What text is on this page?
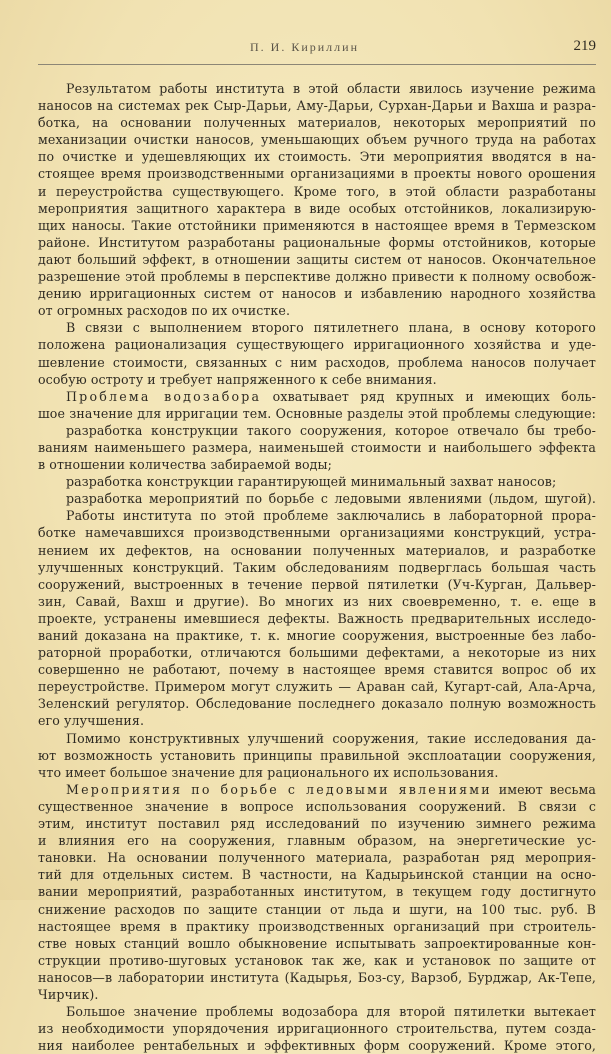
П. И. Кириллин	219
Результатом работы института в этой области явилось изучение режима
наносов на системах рек Сыр-Дарьи, Аму-Дарьи, Сурхан-Дарьи и Вахша и разра-
ботка, на основании полученных материалов, некоторых мероприятий по
механизации очистки наносов, уменьшающих объем ручного труда на работах
по очистке и удешевляющих их стоимость. Эти мероприятия вводятся в на-
стоящее время производственными организациями в проекты нового орошения
и переустройства существующего. Кроме того, в этой области разработаны
мероприятия защитного характера в виде особых отстойников, локализирую-
щих наносы. Такие отстойники применяются в настоящее время в Термезском
районе. Институтом разработаны рациональные формы отстойников, которые
дают больший эффект, в отношении защиты систем от наносов. Окончательное
разрешение этой проблемы в перспективе должно привести к полному освобож-
дению ирригационных систем от наносов и избавлению народного хозяйства
от огромных расходов по их очистке.
В связи с выполнением второго пятилетнего плана, в основу которого
положена рационализация существующего ирригационного хозяйства и уде-
шевление стоимости, связанных с ним расходов, проблема наносов получает
особую остроту и требует напряженного к себе внимания.
Проблема водозабора охватывает ряд крупных и имеющих боль-
шое значение для ирригации тем. Основные разделы этой проблемы следующие:
разработка конструкции такого сооружения, которое отвечало бы требо-
ваниям наименьшего размера, наименьшей стоимости и наибольшего эффекта
в отношении количества забираемой воды;
разработка конструкции гарантирующей минимальный захват наносов;
разработка мероприятий по борьбе с ледовыми явлениями (льдом, шугой).
Работы института по этой проблеме заключались в лабораторной прора-
ботке намечавшихся производственными организациями конструкций, устра-
нением их дефектов, на основании полученных материалов, и разработке
улучшенных конструкций. Таким обследованиям подверглась большая часть
сооружений, выстроенных в течение первой пятилетки (Уч-Курган, Дальвер-
зин, Савай, Вахш и другие). Во многих из них своевременно, т. е. еще в
проекте, устранены имевшиеся дефекты. Важность предварительных исследо-
ваний доказана на практике, т. к. многие сооружения, выстроенные без лабо-
раторной проработки, отличаются большими дефектами, а некоторые из них
совершенно не работают, почему в настоящее время ставится вопрос об их
переустройстве. Примером могут служить — Араван сай, Кугарт-сай, Ала-Арча,
Зеленский регулятор. Обследование последнего доказало полную возможность
его улучшения.
Помимо конструктивных улучшений сооружения, такие исследования да-
ют возможность установить принципы правильной эксплоатации сооружения,
что имеет большое значение для рационального их использования.
Мероприятия по борьбе с ледовыми явлениями имеют весьма
существенное значение в вопросе использования сооружений. В связи с
этим, институт поставил ряд исследований по изучению зимнего режима
и влияния его на сооружения, главным образом, на энергетические ус-
тановки. На основании полученного материала, разработан ряд мероприя-
тий для отдельных систем. В частности, на Кадырьинской станции на осно-
вании мероприятий, разработанных институтом, в текущем году достигнуто
снижение расходов по защите станции от льда и шуги, на 100 тыс. руб. В
настоящее время в практику производственных организаций при строитель-
стве новых станций вошло обыкновение испытывать запроектированные кон-
струкции противо-шуговых установок так же, как и установок по защите от
наносов—в лаборатории института (Кадырья, Боз-су, Варзоб, Бурджар, Ак-Тепе,
Чирчик).
Большое значение проблемы водозабора для второй пятилетки вытекает
из необходимости упорядочения ирригационного строительства, путем созда-
ния наиболее рентабельных и эффективных форм сооружений. Кроме этого,
